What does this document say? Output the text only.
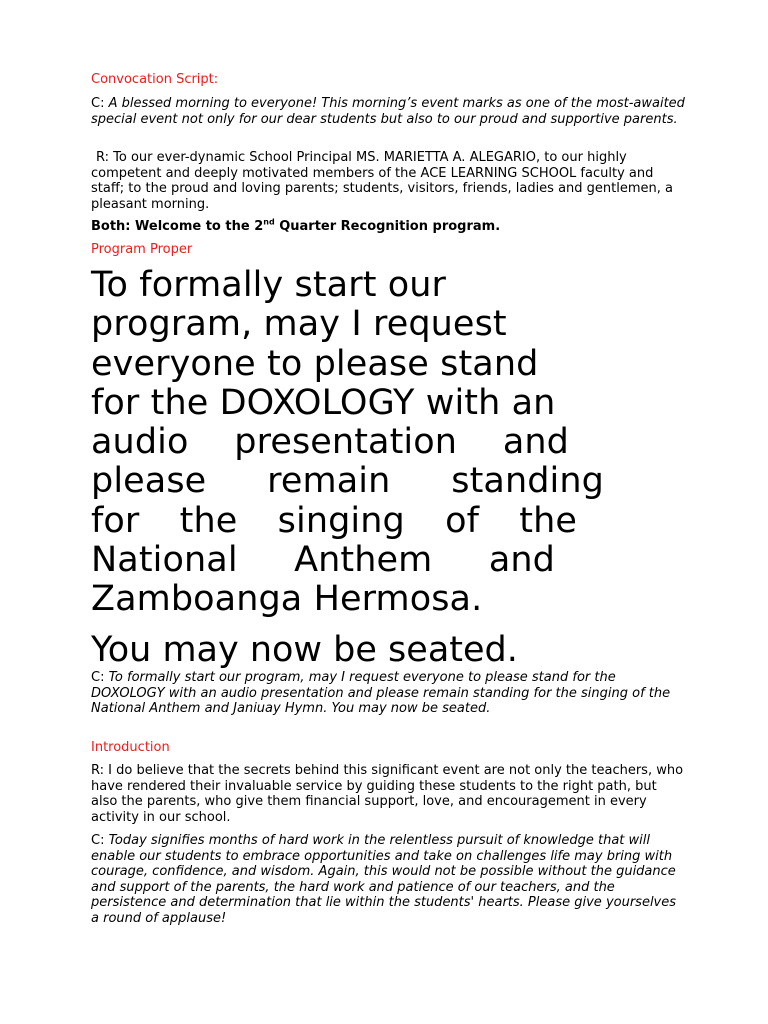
Convocation Script:

C: A blessed morning to everyone! This morning’s event marks as one of the most-awaited special event not only for our dear students but also to our proud and supportive parents.

R: To our ever-dynamic School Principal MS. MARIETTA A. ALEGARIO, to our highly competent and deeply motivated members of the ACE LEARNING SCHOOL faculty and staff; to the proud and loving parents; students, visitors, friends, ladies and gentlemen, a pleasant morning.

Both: Welcome to the 2nd Quarter Recognition program.

Program Proper

To formally start our
program, may I request
everyone to please stand
for the DOXOLOGY with an
audio presentation and
please remain standing
for the singing of the
National Anthem and
Zamboanga Hermosa.

You may now be seated.

C: To formally start our program, may I request everyone to please stand for the DOXOLOGY with an audio presentation and please remain standing for the singing of the National Anthem and Janiuay Hymn. You may now be seated.

Introduction

R: I do believe that the secrets behind this significant event are not only the teachers, who have rendered their invaluable service by guiding these students to the right path, but also the parents, who give them financial support, love, and encouragement in every activity in our school.

C: Today signifies months of hard work in the relentless pursuit of knowledge that will enable our students to embrace opportunities and take on challenges life may bring with courage, confidence, and wisdom. Again, this would not be possible without the guidance and support of the parents, the hard work and patience of our teachers, and the persistence and determination that lie within the students' hearts. Please give yourselves a round of applause!
